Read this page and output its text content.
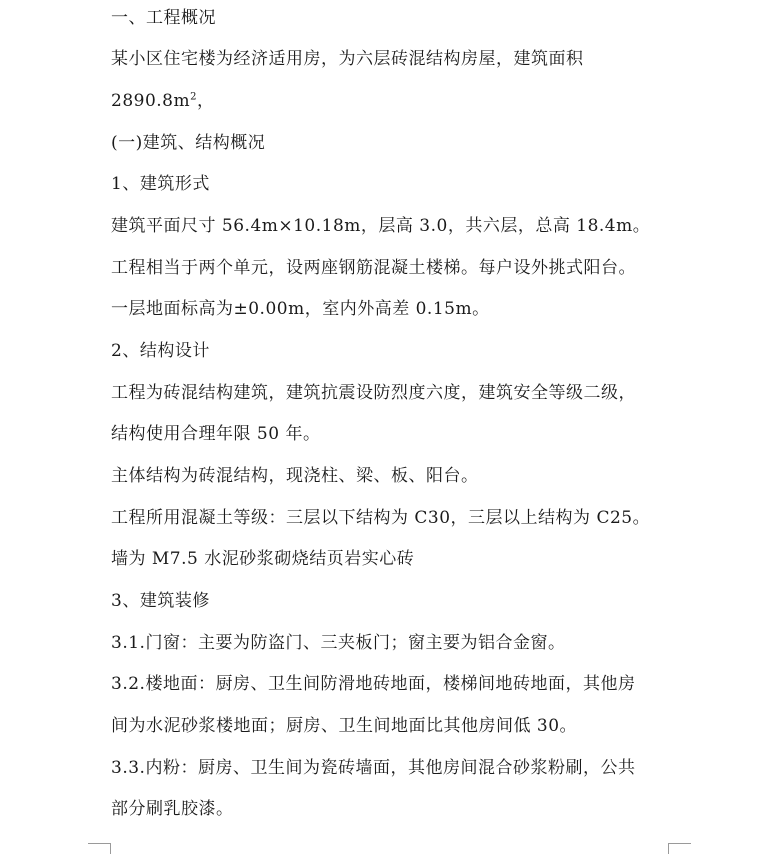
一、工程概况
某小区住宅楼为经济适用房，为六层砖混结构房屋，建筑面积
$2890.8m^2$，
(一)建筑、结构概况
1、建筑形式
建筑平面尺寸 56.4m×10.18m，层高 3.0，共六层，总高 18.4m。
工程相当于两个单元，设两座钢筋混凝土楼梯。每户设外挑式阳台。
一层地面标高为±0.00m，室内外高差 0.15m。
2、结构设计
工程为砖混结构建筑，建筑抗震设防烈度六度，建筑安全等级二级，
结构使用合理年限 50 年。
主体结构为砖混结构，现浇柱、梁、板、阳台。
工程所用混凝土等级：三层以下结构为 C30，三层以上结构为 C25。
墙为 M7.5 水泥砂浆砌烧结页岩实心砖
3、建筑装修
3.1.门窗：主要为防盗门、三夹板门；窗主要为铝合金窗。
3.2.楼地面：厨房、卫生间防滑地砖地面，楼梯间地砖地面，其他房
间为水泥砂浆楼地面；厨房、卫生间地面比其他房间低 30。
3.3.内粉：厨房、卫生间为瓷砖墙面，其他房间混合砂浆粉刷，公共
部分刷乳胶漆。
